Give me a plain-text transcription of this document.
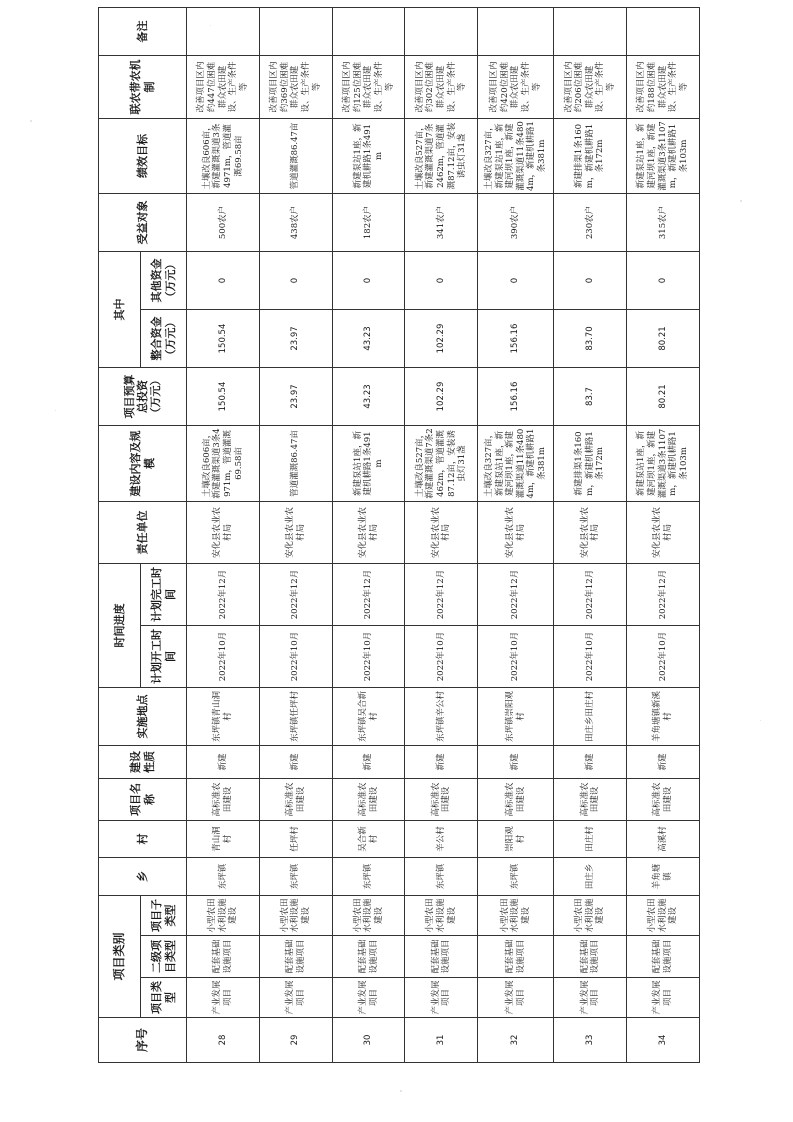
序号	项目类别			乡	村	项目名称	建设性质	实施地点	时间进度		责任单位	建设内容及规模	项目预算总投资（万元）	其中		受益对象	绩效目标	联农带农机制	备注
	项目类型	二级项目类型	项目子类型						计划开工时间	计划完工时间				整合资金（万元）	其他资金（万元）				
28	产业发展项目	配套基础设施项目	小型农田水利设施建设	东坪镇	青山洞村	高标准农田建设	新建	东坪镇青山洞村	2022年10月	2022年12月	安化县农业农村局	土壤改良606亩，新建灌溉渠道3条4971m，管道灌溉69.58亩	150.54	150.54	0	500农户	土壤改良606亩，新建灌溉渠道3条4971m，管道灌溉69.58亩	改善项目区内约447位困难群众农田建设、生产条件等	
29	产业发展项目	配套基础设施项目	小型农田水利设施建设	东坪镇	任坪村	高标准农田建设	新建	东坪镇任坪村	2022年10月	2022年12月	安化县农业农村局	管道灌溉86.47亩	23.97	23.97	0	438农户	管道灌溉86.47亩	改善项目区内约369位困难群众农田建设、生产条件等	
30	产业发展项目	配套基础设施项目	小型农田水利设施建设	东坪镇	吴合新村	高标准农田建设	新建	东坪镇吴合新村	2022年10月	2022年12月	安化县农业农村局	新建泵站1座，新建机耕路1条491m	43.23	43.23	0	182农户	新建泵站1座，新建机耕路1条491m	改善项目区内约125位困难群众农田建设、生产条件等	
31	产业发展项目	配套基础设施项目	小型农田水利设施建设	东坪镇	辛公村	高标准农田建设	新建	东坪镇辛公村	2022年10月	2022年12月	安化县农业农村局	土壤改良527亩，新建灌溉渠道7条2462m，管道灌溉87.12亩，安装诱虫灯31盏	102.29	102.29	0	341农户	土壤改良527亩，新建灌溉渠道7条2462m，管道灌溉87.12亩，安装诱虫灯31盏	改善项目区内约302位困难群众农田建设、生产条件等	
32	产业发展项目	配套基础设施项目	小型农田水利设施建设	东坪镇	崇阳观村	高标准农田建设	新建	东坪镇崇阳观村	2022年10月	2022年12月	安化县农业农村局	土壤改良327亩，新建泵站1座，新建河坝1座，新建灌溉渠道11条4804m，新建机耕路1条381m	156.16	156.16	0	390农户	土壤改良327亩，新建泵站1座，新建河坝1座，新建灌溉渠道11条4804m，新建机耕路1条381m	改善项目区内约420位困难群众农田建设、生产条件等	
33	产业发展项目	配套基础设施项目	小型农田水利设施建设	田庄乡	田庄村	高标准农田建设	新建	田庄乡田庄村	2022年10月	2022年12月	安化县农业农村局	新建排渠1条160m，新建机耕路1条172m	83.7	83.70	0	230农户	新建排渠1条160m，新建机耕路1条172m	改善项目区内约206位困难群众农田建设、生产条件等	
34	产业发展项目	配套基础设施项目	小型农田水利设施建设	羊角塘镇	高溪村	高标准农田建设	新建	羊角塘镇新溪村	2022年10月	2022年12月	安化县农业农村局	新建泵站1座，新建河坝1座，新建灌溉渠道3条1107m，新建机耕路1条103m	80.21	80.21	0	315农户	新建泵站1座，新建河坝1座，新建灌溉渠道3条1107m，新建机耕路1条103m	改善项目区内约188位困难群众农田建设、生产条件等	
